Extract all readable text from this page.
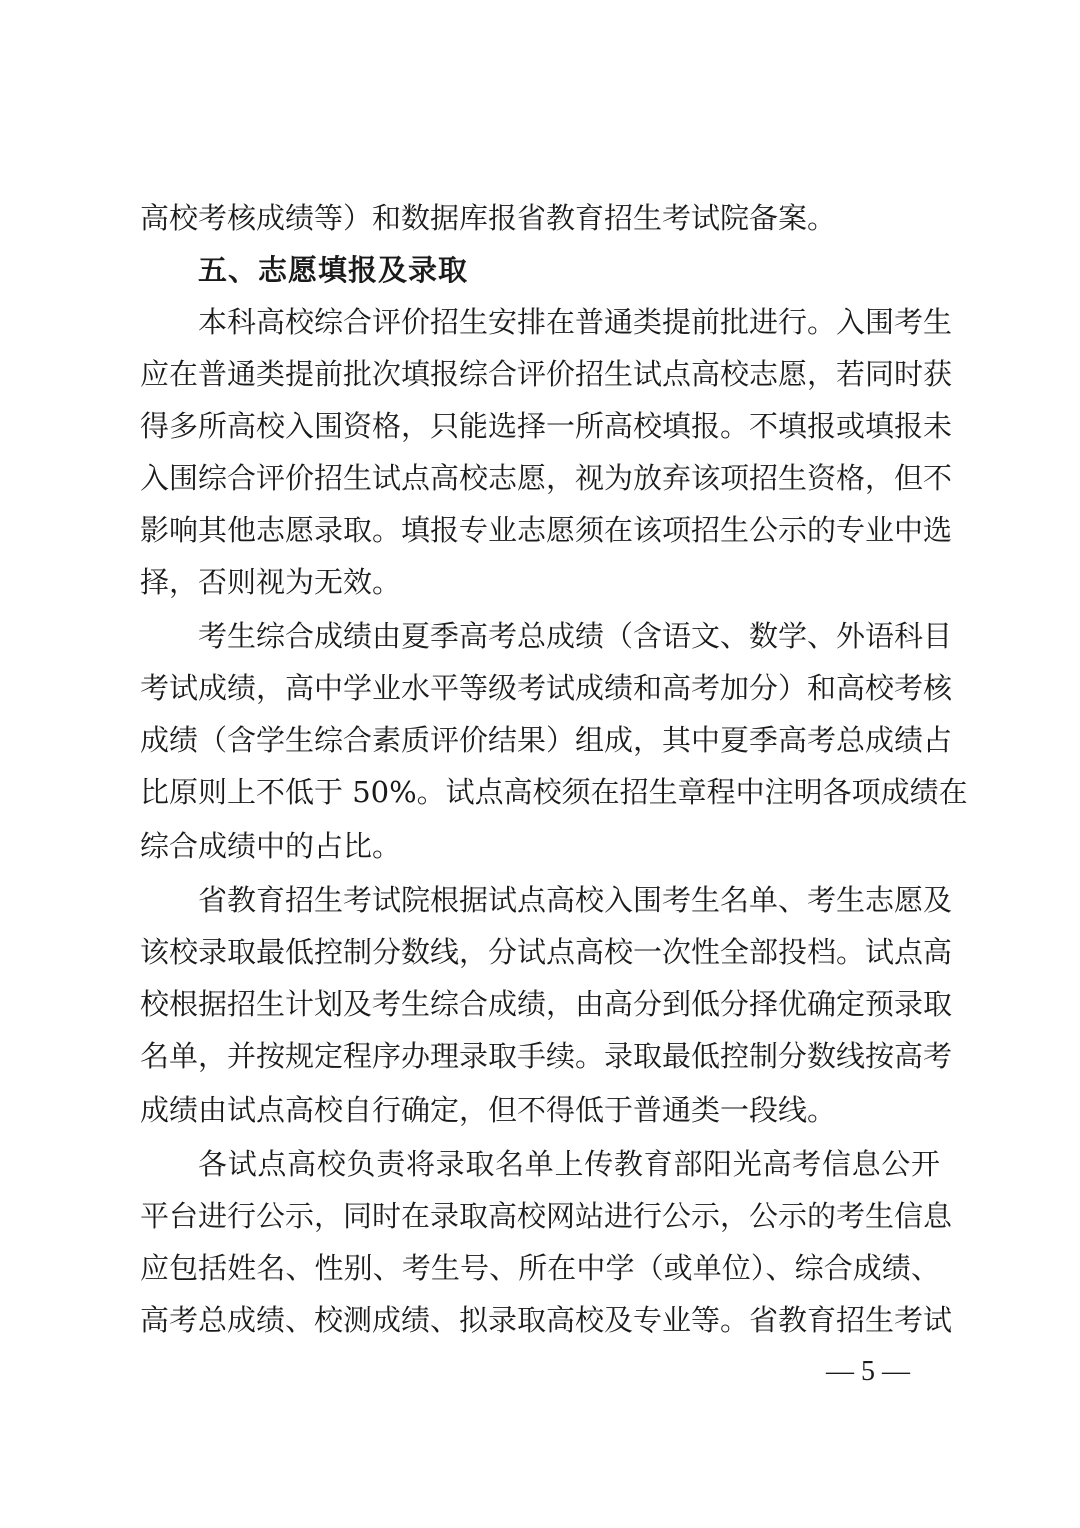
高校考核成绩等）和数据库报省教育招生考试院备案。
五、志愿填报及录取
本科高校综合评价招生安排在普通类提前批进行。入围考生
应在普通类提前批次填报综合评价招生试点高校志愿，若同时获
得多所高校入围资格，只能选择一所高校填报。不填报或填报未
入围综合评价招生试点高校志愿，视为放弃该项招生资格，但不
影响其他志愿录取。填报专业志愿须在该项招生公示的专业中选
择，否则视为无效。
考生综合成绩由夏季高考总成绩（含语文、数学、外语科目
考试成绩，高中学业水平等级考试成绩和高考加分）和高校考核
成绩（含学生综合素质评价结果）组成，其中夏季高考总成绩占
比原则上不低于 50%。试点高校须在招生章程中注明各项成绩在
综合成绩中的占比。
省教育招生考试院根据试点高校入围考生名单、考生志愿及
该校录取最低控制分数线，分试点高校一次性全部投档。试点高
校根据招生计划及考生综合成绩，由高分到低分择优确定预录取
名单，并按规定程序办理录取手续。录取最低控制分数线按高考
成绩由试点高校自行确定，但不得低于普通类一段线。
各试点高校负责将录取名单上传教育部阳光高考信息公开
平台进行公示，同时在录取高校网站进行公示，公示的考生信息
应包括姓名、性别、考生号、所在中学（或单位）、综合成绩、
高考总成绩、校测成绩、拟录取高校及专业等。省教育招生考试
— 5 —
